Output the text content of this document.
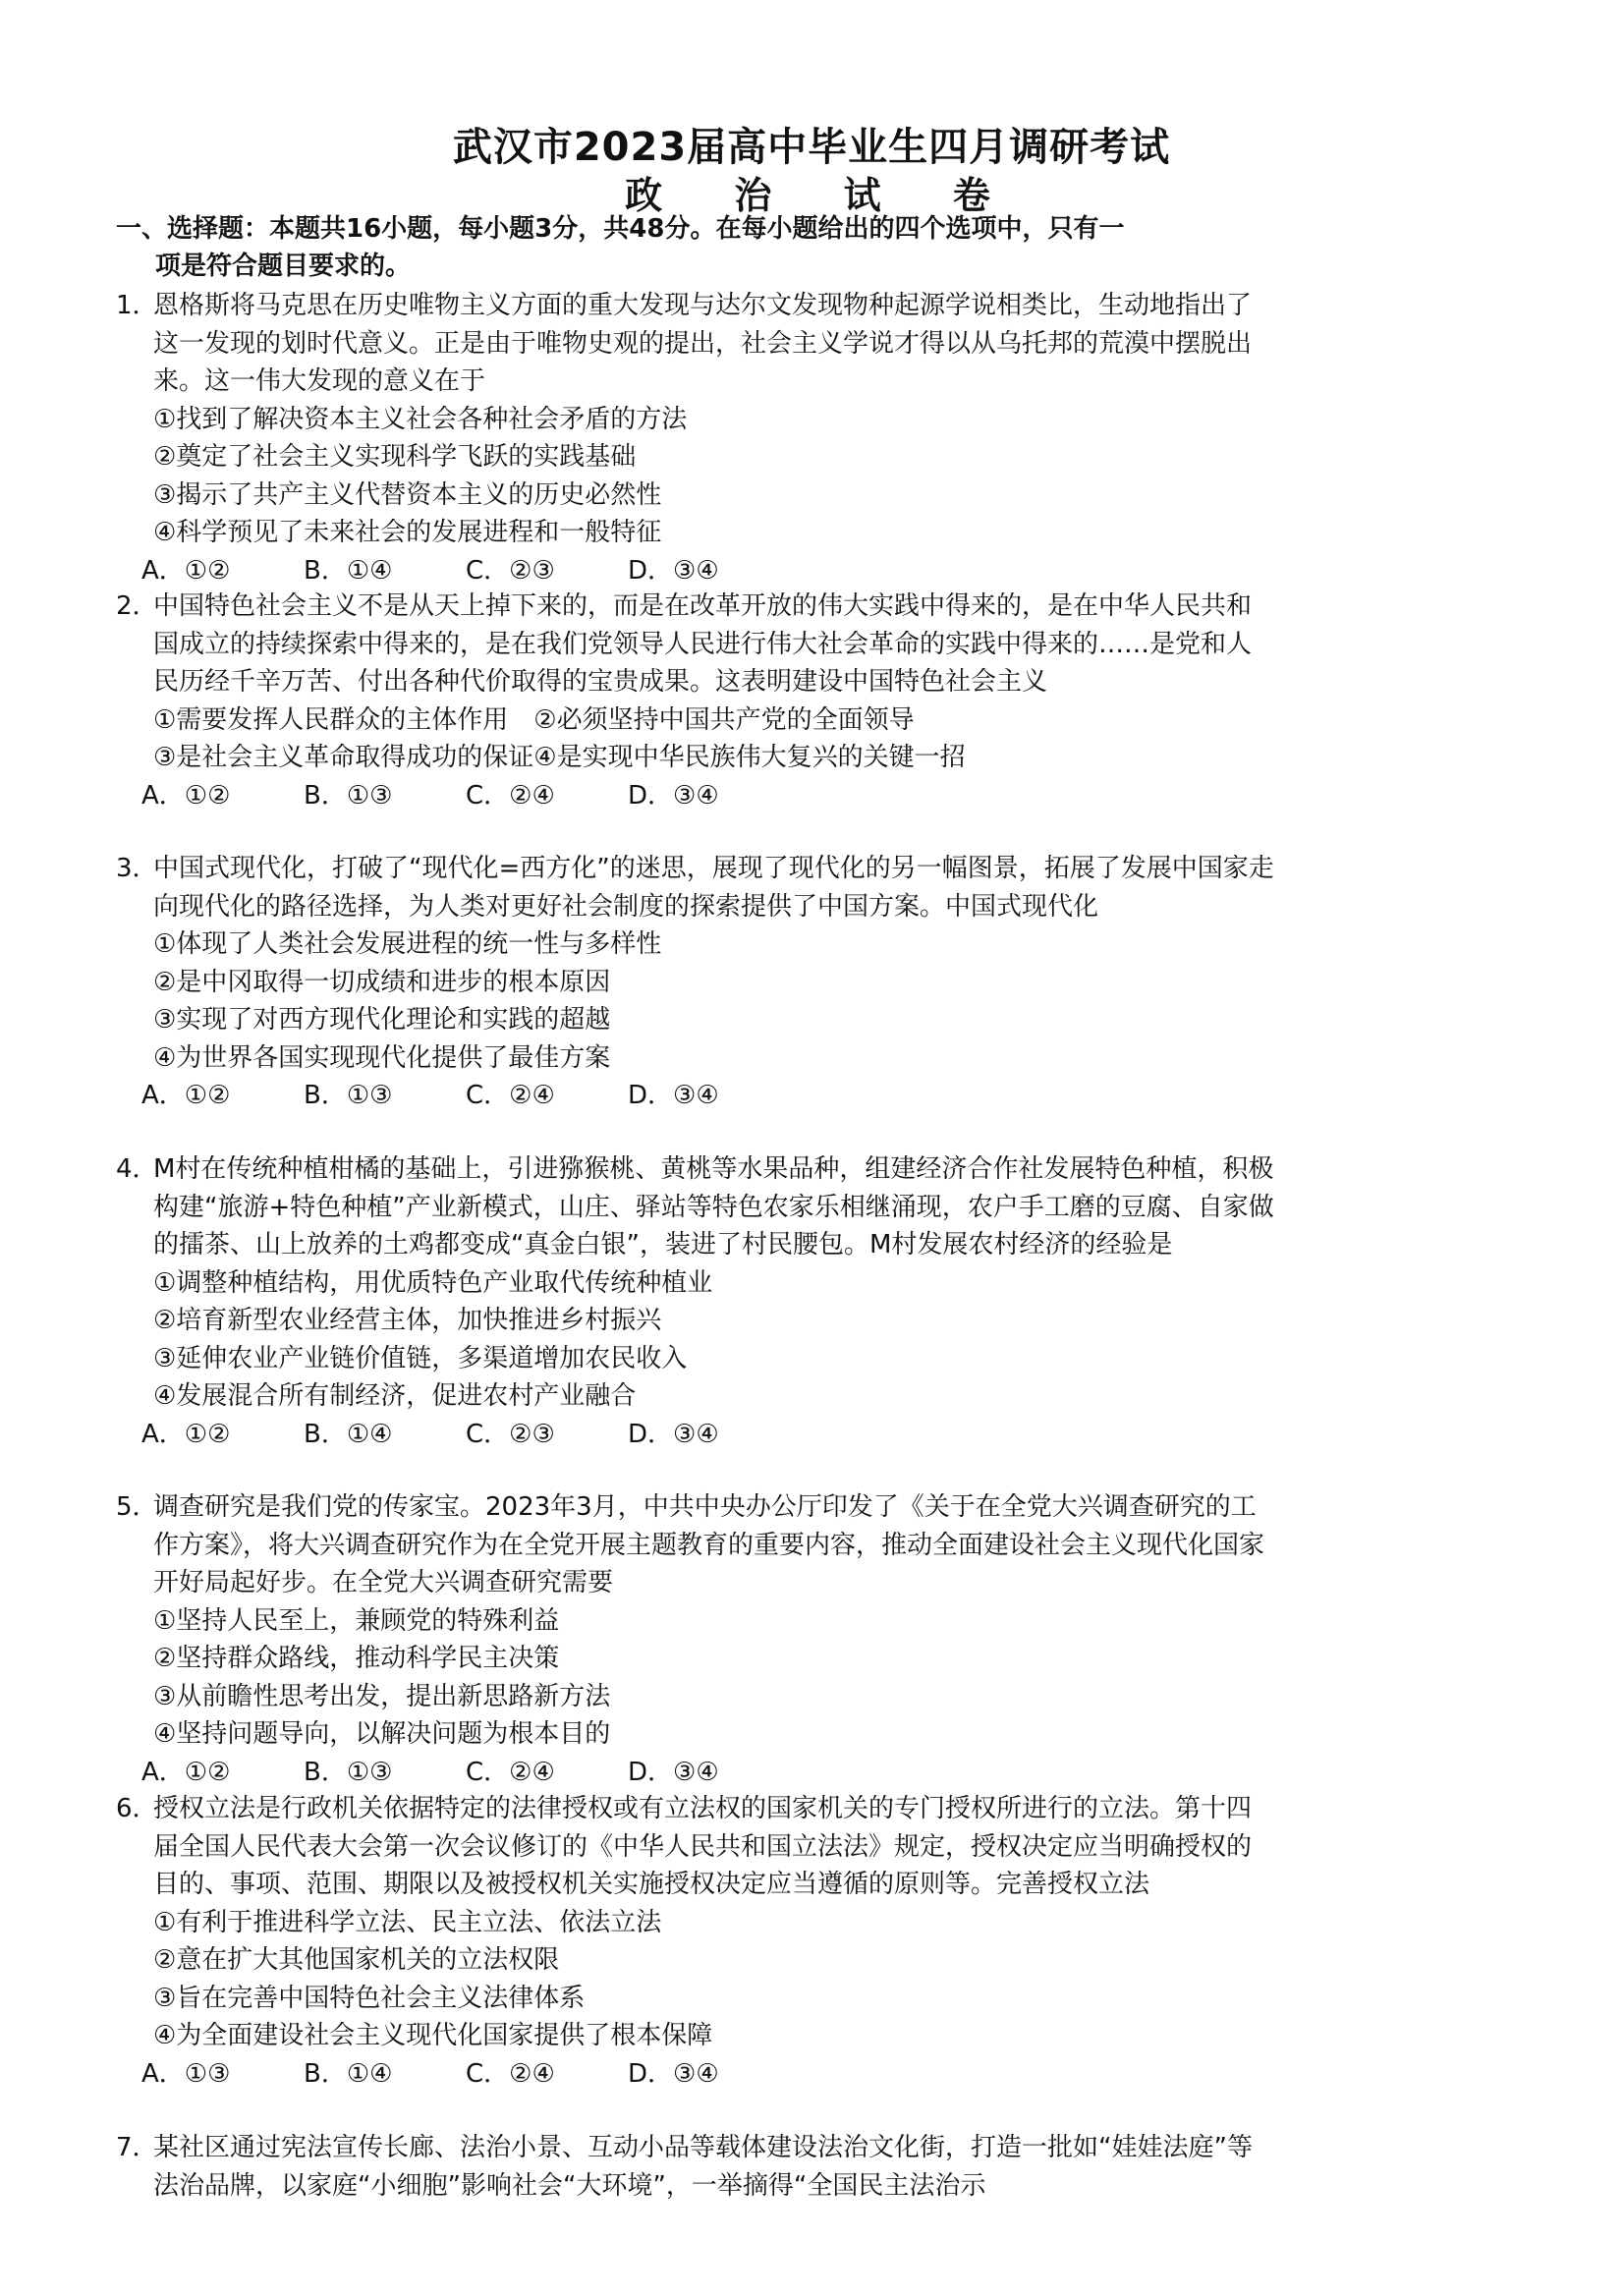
武汉市2023届高中毕业生四月调研考试
政 治 试 卷
一、选择题：本题共16小题，每小题3分，共48分。在每小题给出的四个选项中，只有一
项是符合题目要求的。
1．恩格斯将马克思在历史唯物主义方面的重大发现与达尔文发现物种起源学说相类比，生动地指出了这一发现的划时代意义。正是由于唯物史观的提出，社会主义学说才得以从乌托邦的荒漠中摆脱出来。这一伟大发现的意义在于
①找到了解决资本主义社会各种社会矛盾的方法
②奠定了社会主义实现科学飞跃的实践基础
③揭示了共产主义代替资本主义的历史必然性
④科学预见了未来社会的发展进程和一般特征
A．①②	B．①④	C．②③	D．③④
2．中国特色社会主义不是从天上掉下来的，而是在改革开放的伟大实践中得来的，是在中华人民共和国成立的持续探索中得来的，是在我们党领导人民进行伟大社会革命的实践中得来的……是党和人民历经千辛万苦、付出各种代价取得的宝贵成果。这表明建设中国特色社会主义
①需要发挥人民群众的主体作用　②必须坚持中国共产党的全面领导
③是社会主义革命取得成功的保证④是实现中华民族伟大复兴的关键一招
A．①②	B．①③	C．②④	D．③④
3．中国式现代化，打破了“现代化=西方化”的迷思，展现了现代化的另一幅图景，拓展了发展中国家走向现代化的路径选择，为人类对更好社会制度的探索提供了中国方案。中国式现代化
①体现了人类社会发展进程的统一性与多样性
②是中冈取得一切成绩和进步的根本原因
③实现了对西方现代化理论和实践的超越
④为世界各国实现现代化提供了最佳方案
A．①②	B．①③	C．②④	D．③④
4．M村在传统种植柑橘的基础上，引进猕猴桃、黄桃等水果品种，组建经济合作社发展特色种植，积极构建“旅游+特色种植”产业新模式，山庄、驿站等特色农家乐相继涌现，农户手工磨的豆腐、自家做的擂茶、山上放养的土鸡都变成“真金白银”，装进了村民腰包。M村发展农村经济的经验是
①调整种植结构，用优质特色产业取代传统种植业
②培育新型农业经营主体，加快推进乡村振兴
③延伸农业产业链价值链，多渠道增加农民收入
④发展混合所有制经济，促进农村产业融合
A．①②	B．①④	C．②③	D．③④
5．调查研究是我们党的传家宝。2023年3月，中共中央办公厅印发了《关于在全党大兴调查研究的工作方案》，将大兴调查研究作为在全党开展主题教育的重要内容，推动全面建设社会主义现代化国家开好局起好步。在全党大兴调查研究需要
①坚持人民至上，兼顾党的特殊利益
②坚持群众路线，推动科学民主决策
③从前瞻性思考出发，提出新思路新方法
④坚持问题导向，以解决问题为根本目的
A．①②	B．①③	C．②④	D．③④
6．授权立法是行政机关依据特定的法律授权或有立法权的国家机关的专门授权所进行的立法。第十四届全国人民代表大会第一次会议修订的《中华人民共和国立法法》规定，授权决定应当明确授权的目的、事项、范围、期限以及被授权机关实施授权决定应当遵循的原则等。完善授权立法
①有利于推进科学立法、民主立法、依法立法
②意在扩大其他国家机关的立法权限
③旨在完善中国特色社会主义法律体系
④为全面建设社会主义现代化国家提供了根本保障
A．①③	B．①④	C．②④	D．③④
7．某社区通过宪法宣传长廊、法治小景、互动小品等载体建设法治文化街，打造一批如“娃娃法庭”等法治品牌，以家庭“小细胞”影响社会“大环境”，一举摘得“全国民主法治示
